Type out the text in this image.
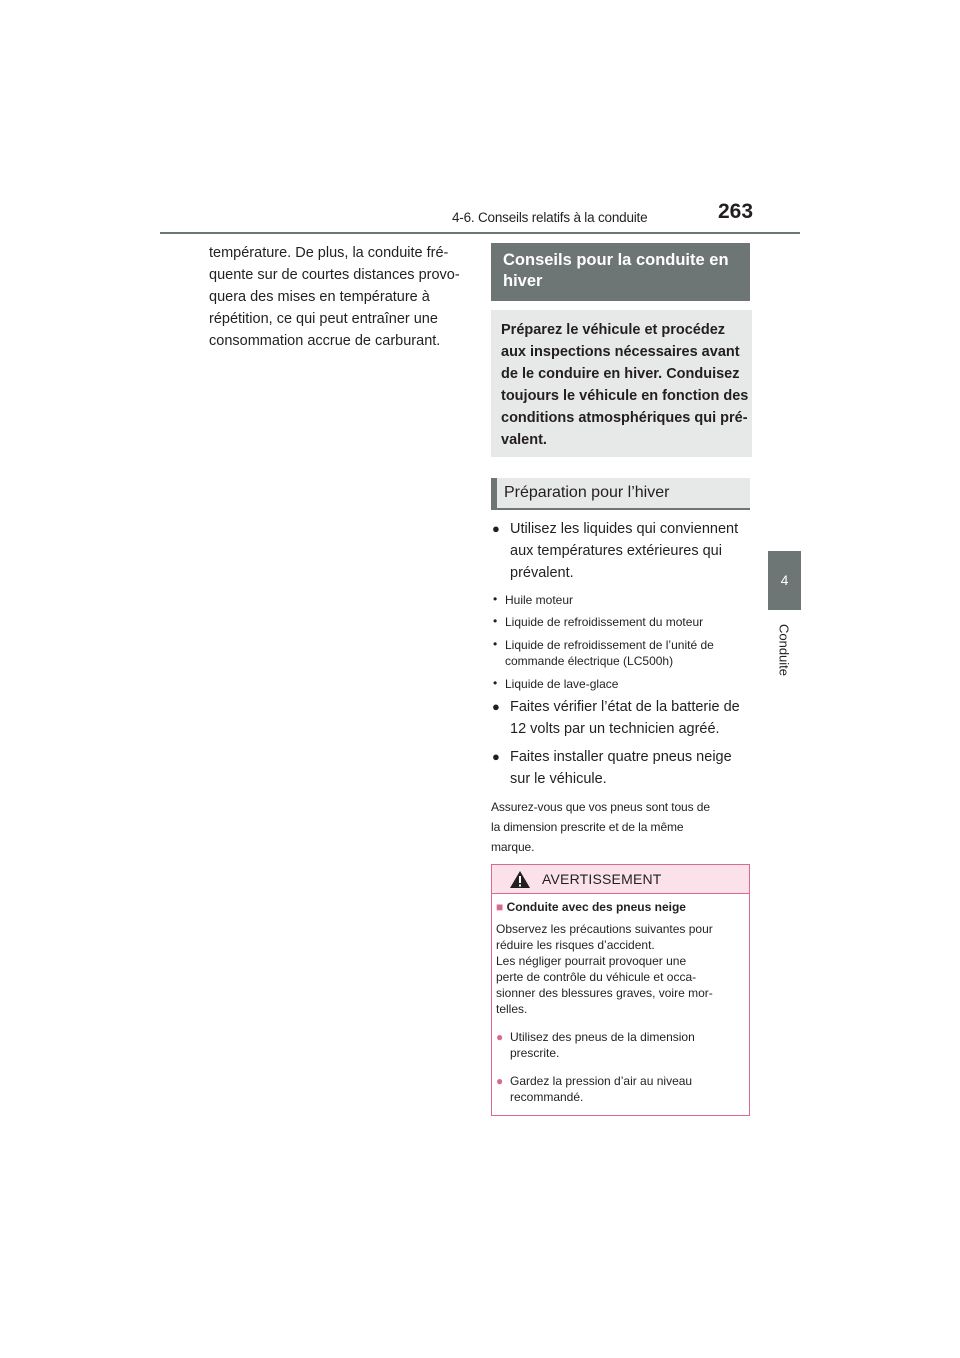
4-6. Conseils relatifs à la conduite	263
4
Conduite

température. De plus, la conduite fré-
quente sur de courtes distances provo-
quera des mises en température à
répétition, ce qui peut entraîner une
consommation accrue de carburant.

Conseils pour la conduite en
hiver
Préparez le véhicule et procédez
aux inspections nécessaires avant
de le conduire en hiver. Conduisez
toujours le véhicule en fonction des
conditions atmosphériques qui pré-
valent.
Préparation pour l’hiver
● Utilisez les liquides qui conviennent
aux températures extérieures qui
prévalent.
• Huile moteur
• Liquide de refroidissement du moteur
• Liquide de refroidissement de l’unité de
commande électrique (LC500h)
• Liquide de lave-glace
● Faites vérifier l’état de la batterie de
12 volts par un technicien agréé.
● Faites installer quatre pneus neige
sur le véhicule.
Assurez-vous que vos pneus sont tous de
la dimension prescrite et de la même
marque.
AVERTISSEMENT
■ Conduite avec des pneus neige
Observez les précautions suivantes pour
réduire les risques d’accident.
Les négliger pourrait provoquer une
perte de contrôle du véhicule et occa-
sionner des blessures graves, voire mor-
telles.
● Utilisez des pneus de la dimension
prescrite.
● Gardez la pression d’air au niveau
recommandé.
